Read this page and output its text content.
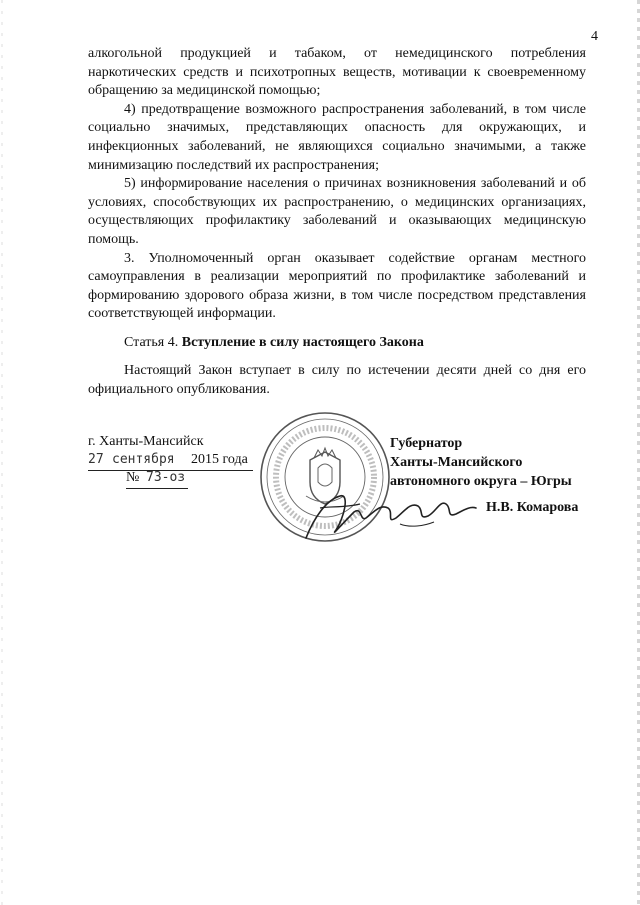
4

алкогольной продукцией и табаком, от немедицинского потребления наркотических средств и психотропных веществ, мотивации к своевременному обращению за медицинской помощью;

4) предотвращение возможного распространения заболеваний, в том числе социально значимых, представляющих опасность для окружающих, и инфекционных заболеваний, не являющихся социально значимыми, а также минимизацию последствий их распространения;

5) информирование населения о причинах возникновения заболеваний и об условиях, способствующих их распространению, о медицинских организациях, осуществляющих профилактику заболеваний и оказывающих медицинскую помощь.

3. Уполномоченный орган оказывает содействие органам местного самоуправления в реализации мероприятий по профилактике заболеваний и формированию здорового образа жизни, в том числе посредством представления соответствующей информации.

Статья 4. Вступление в силу настоящего Закона

Настоящий Закон вступает в силу по истечении десяти дней со дня его официального опубликования.

г. Ханты-Мансийск
27 сентября 2015 года
№ 73-оз
Губернатор
Ханты-Мансийского
автономного округа – Югры
Н.В. Комарова
